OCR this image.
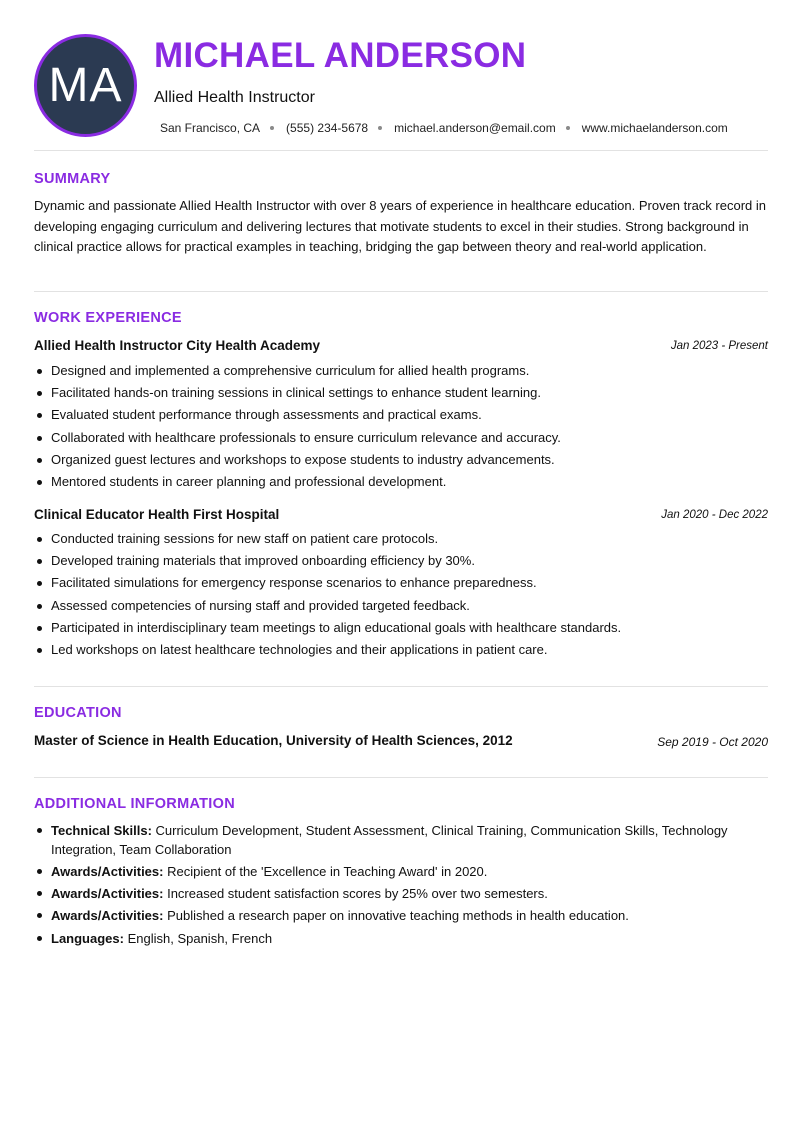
MA
MICHAEL ANDERSON
Allied Health Instructor
San Francisco, CA (555) 234-5678 michael.anderson@email.com www.michaelanderson.com
SUMMARY
Dynamic and passionate Allied Health Instructor with over 8 years of experience in healthcare education. Proven track record in developing engaging curriculum and delivering lectures that motivate students to excel in their studies. Strong background in clinical practice allows for practical examples in teaching, bridging the gap between theory and real-world application.
WORK EXPERIENCE
Allied Health Instructor City Health Academy	Jan 2023 - Present
Designed and implemented a comprehensive curriculum for allied health programs.
Facilitated hands-on training sessions in clinical settings to enhance student learning.
Evaluated student performance through assessments and practical exams.
Collaborated with healthcare professionals to ensure curriculum relevance and accuracy.
Organized guest lectures and workshops to expose students to industry advancements.
Mentored students in career planning and professional development.
Clinical Educator Health First Hospital	Jan 2020 - Dec 2022
Conducted training sessions for new staff on patient care protocols.
Developed training materials that improved onboarding efficiency by 30%.
Facilitated simulations for emergency response scenarios to enhance preparedness.
Assessed competencies of nursing staff and provided targeted feedback.
Participated in interdisciplinary team meetings to align educational goals with healthcare standards.
Led workshops on latest healthcare technologies and their applications in patient care.
EDUCATION
Master of Science in Health Education, University of Health Sciences, 2012	Sep 2019 - Oct 2020
ADDITIONAL INFORMATION
Technical Skills: Curriculum Development, Student Assessment, Clinical Training, Communication Skills, Technology Integration, Team Collaboration
Awards/Activities: Recipient of the 'Excellence in Teaching Award' in 2020.
Awards/Activities: Increased student satisfaction scores by 25% over two semesters.
Awards/Activities: Published a research paper on innovative teaching methods in health education.
Languages: English, Spanish, French
